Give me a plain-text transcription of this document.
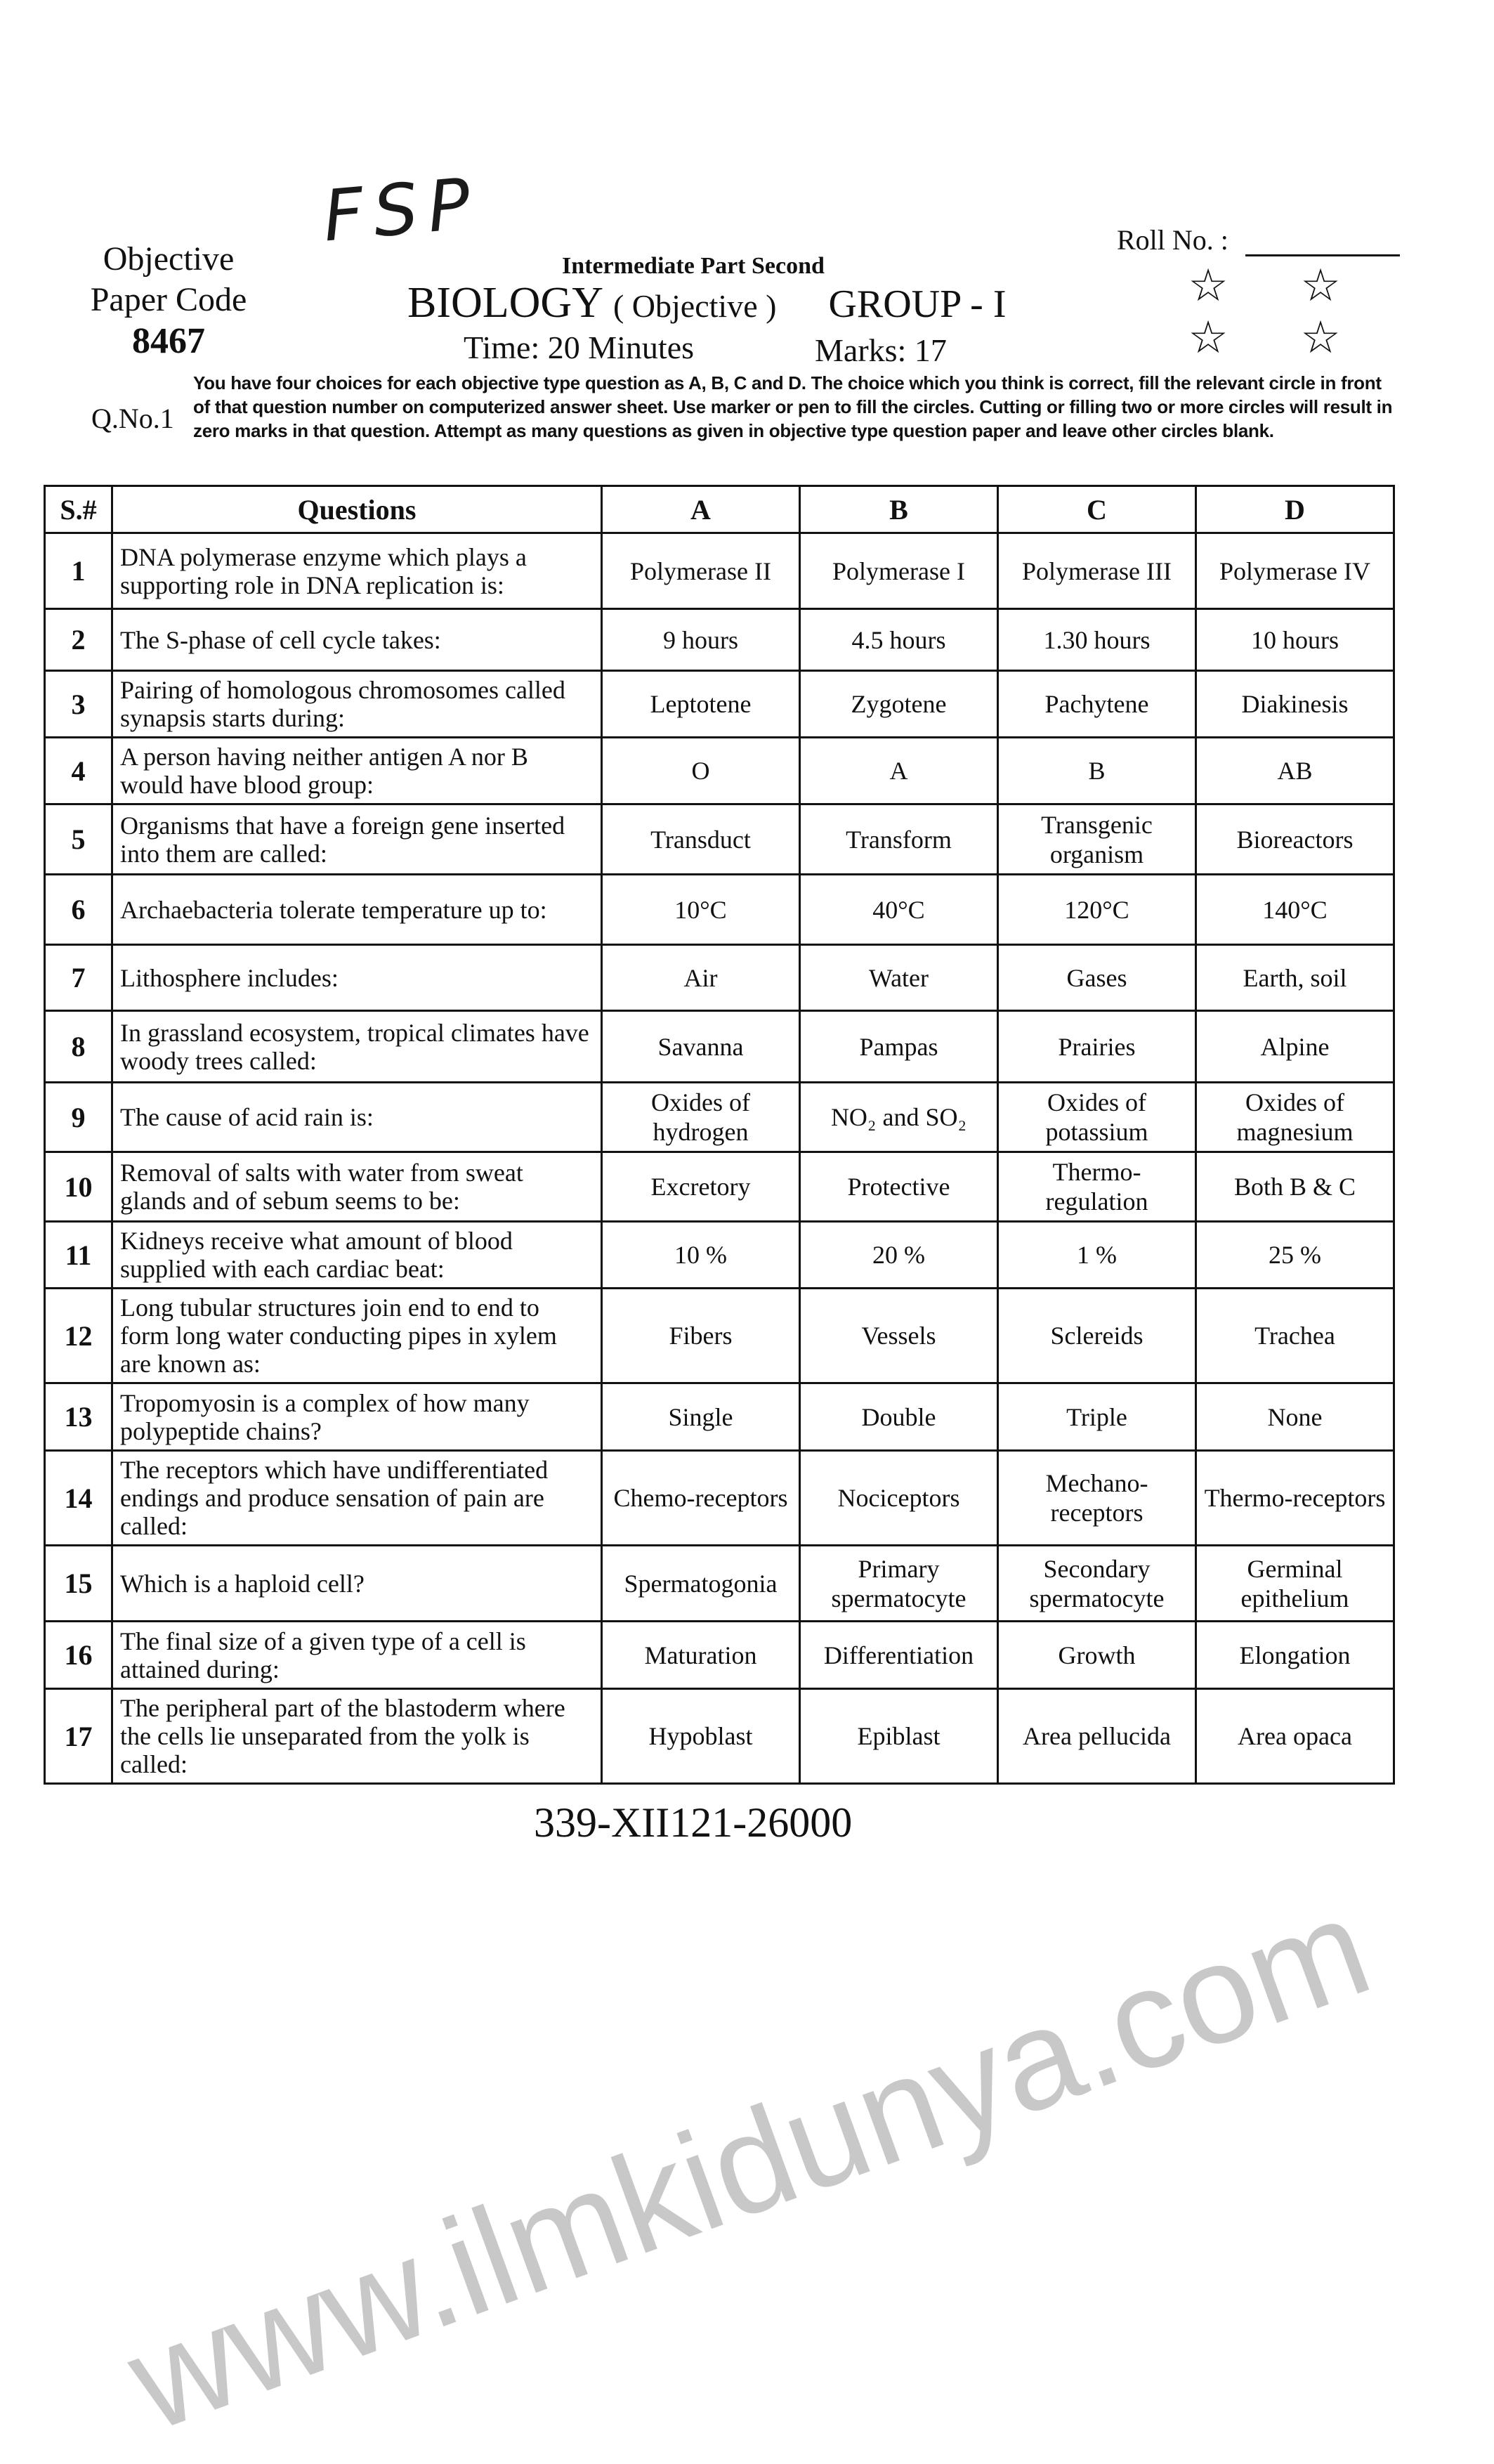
FSP
Objective
Paper Code
8467
Intermediate Part Second
BIOLOGY ( Objective ) GROUP - I
Time: 20 Minutes	Marks: 17
Roll No. :
☆	☆
☆	☆
Q.No.1
You have four choices for each objective type question as A, B, C and D. The choice which you think is correct, fill the relevant circle in front of that question number on computerized answer sheet. Use marker or pen to fill the circles. Cutting or filling two or more circles will result in zero marks in that question. Attempt as many questions as given in objective type question paper and leave other circles blank.
S.#	Questions	A	B	C	D
1	DNA polymerase enzyme which plays a supporting role in DNA replication is:	Polymerase II	Polymerase I	Polymerase III	Polymerase IV
2	The S-phase of cell cycle takes:	9 hours	4.5 hours	1.30 hours	10 hours
3	Pairing of homologous chromosomes called synapsis starts during:	Leptotene	Zygotene	Pachytene	Diakinesis
4	A person having neither antigen A nor B would have blood group:	O	A	B	AB
5	Organisms that have a foreign gene inserted into them are called:	Transduct	Transform	Transgenic organism	Bioreactors
6	Archaebacteria tolerate temperature up to:	10°C	40°C	120°C	140°C
7	Lithosphere includes:	Air	Water	Gases	Earth, soil
8	In grassland ecosystem, tropical climates have woody trees called:	Savanna	Pampas	Prairies	Alpine
9	The cause of acid rain is:	Oxides of hydrogen	NO₂ and SO₂	Oxides of potassium	Oxides of magnesium
10	Removal of salts with water from sweat glands and of sebum seems to be:	Excretory	Protective	Thermo-regulation	Both B & C
11	Kidneys receive what amount of blood supplied with each cardiac beat:	10 %	20 %	1 %	25 %
12	Long tubular structures join end to end to form long water conducting pipes in xylem are known as:	Fibers	Vessels	Sclereids	Trachea
13	Tropomyosin is a complex of how many polypeptide chains?	Single	Double	Triple	None
14	The receptors which have undifferentiated endings and produce sensation of pain are called:	Chemo-receptors	Nociceptors	Mechano-receptors	Thermo-receptors
15	Which is a haploid cell?	Spermatogonia	Primary spermatocyte	Secondary spermatocyte	Germinal epithelium
16	The final size of a given type of a cell is attained during:	Maturation	Differentiation	Growth	Elongation
17	The peripheral part of the blastoderm where the cells lie unseparated from the yolk is called:	Hypoblast	Epiblast	Area pellucida	Area opaca
339-XII121-26000
www.ilmkidunya.com
